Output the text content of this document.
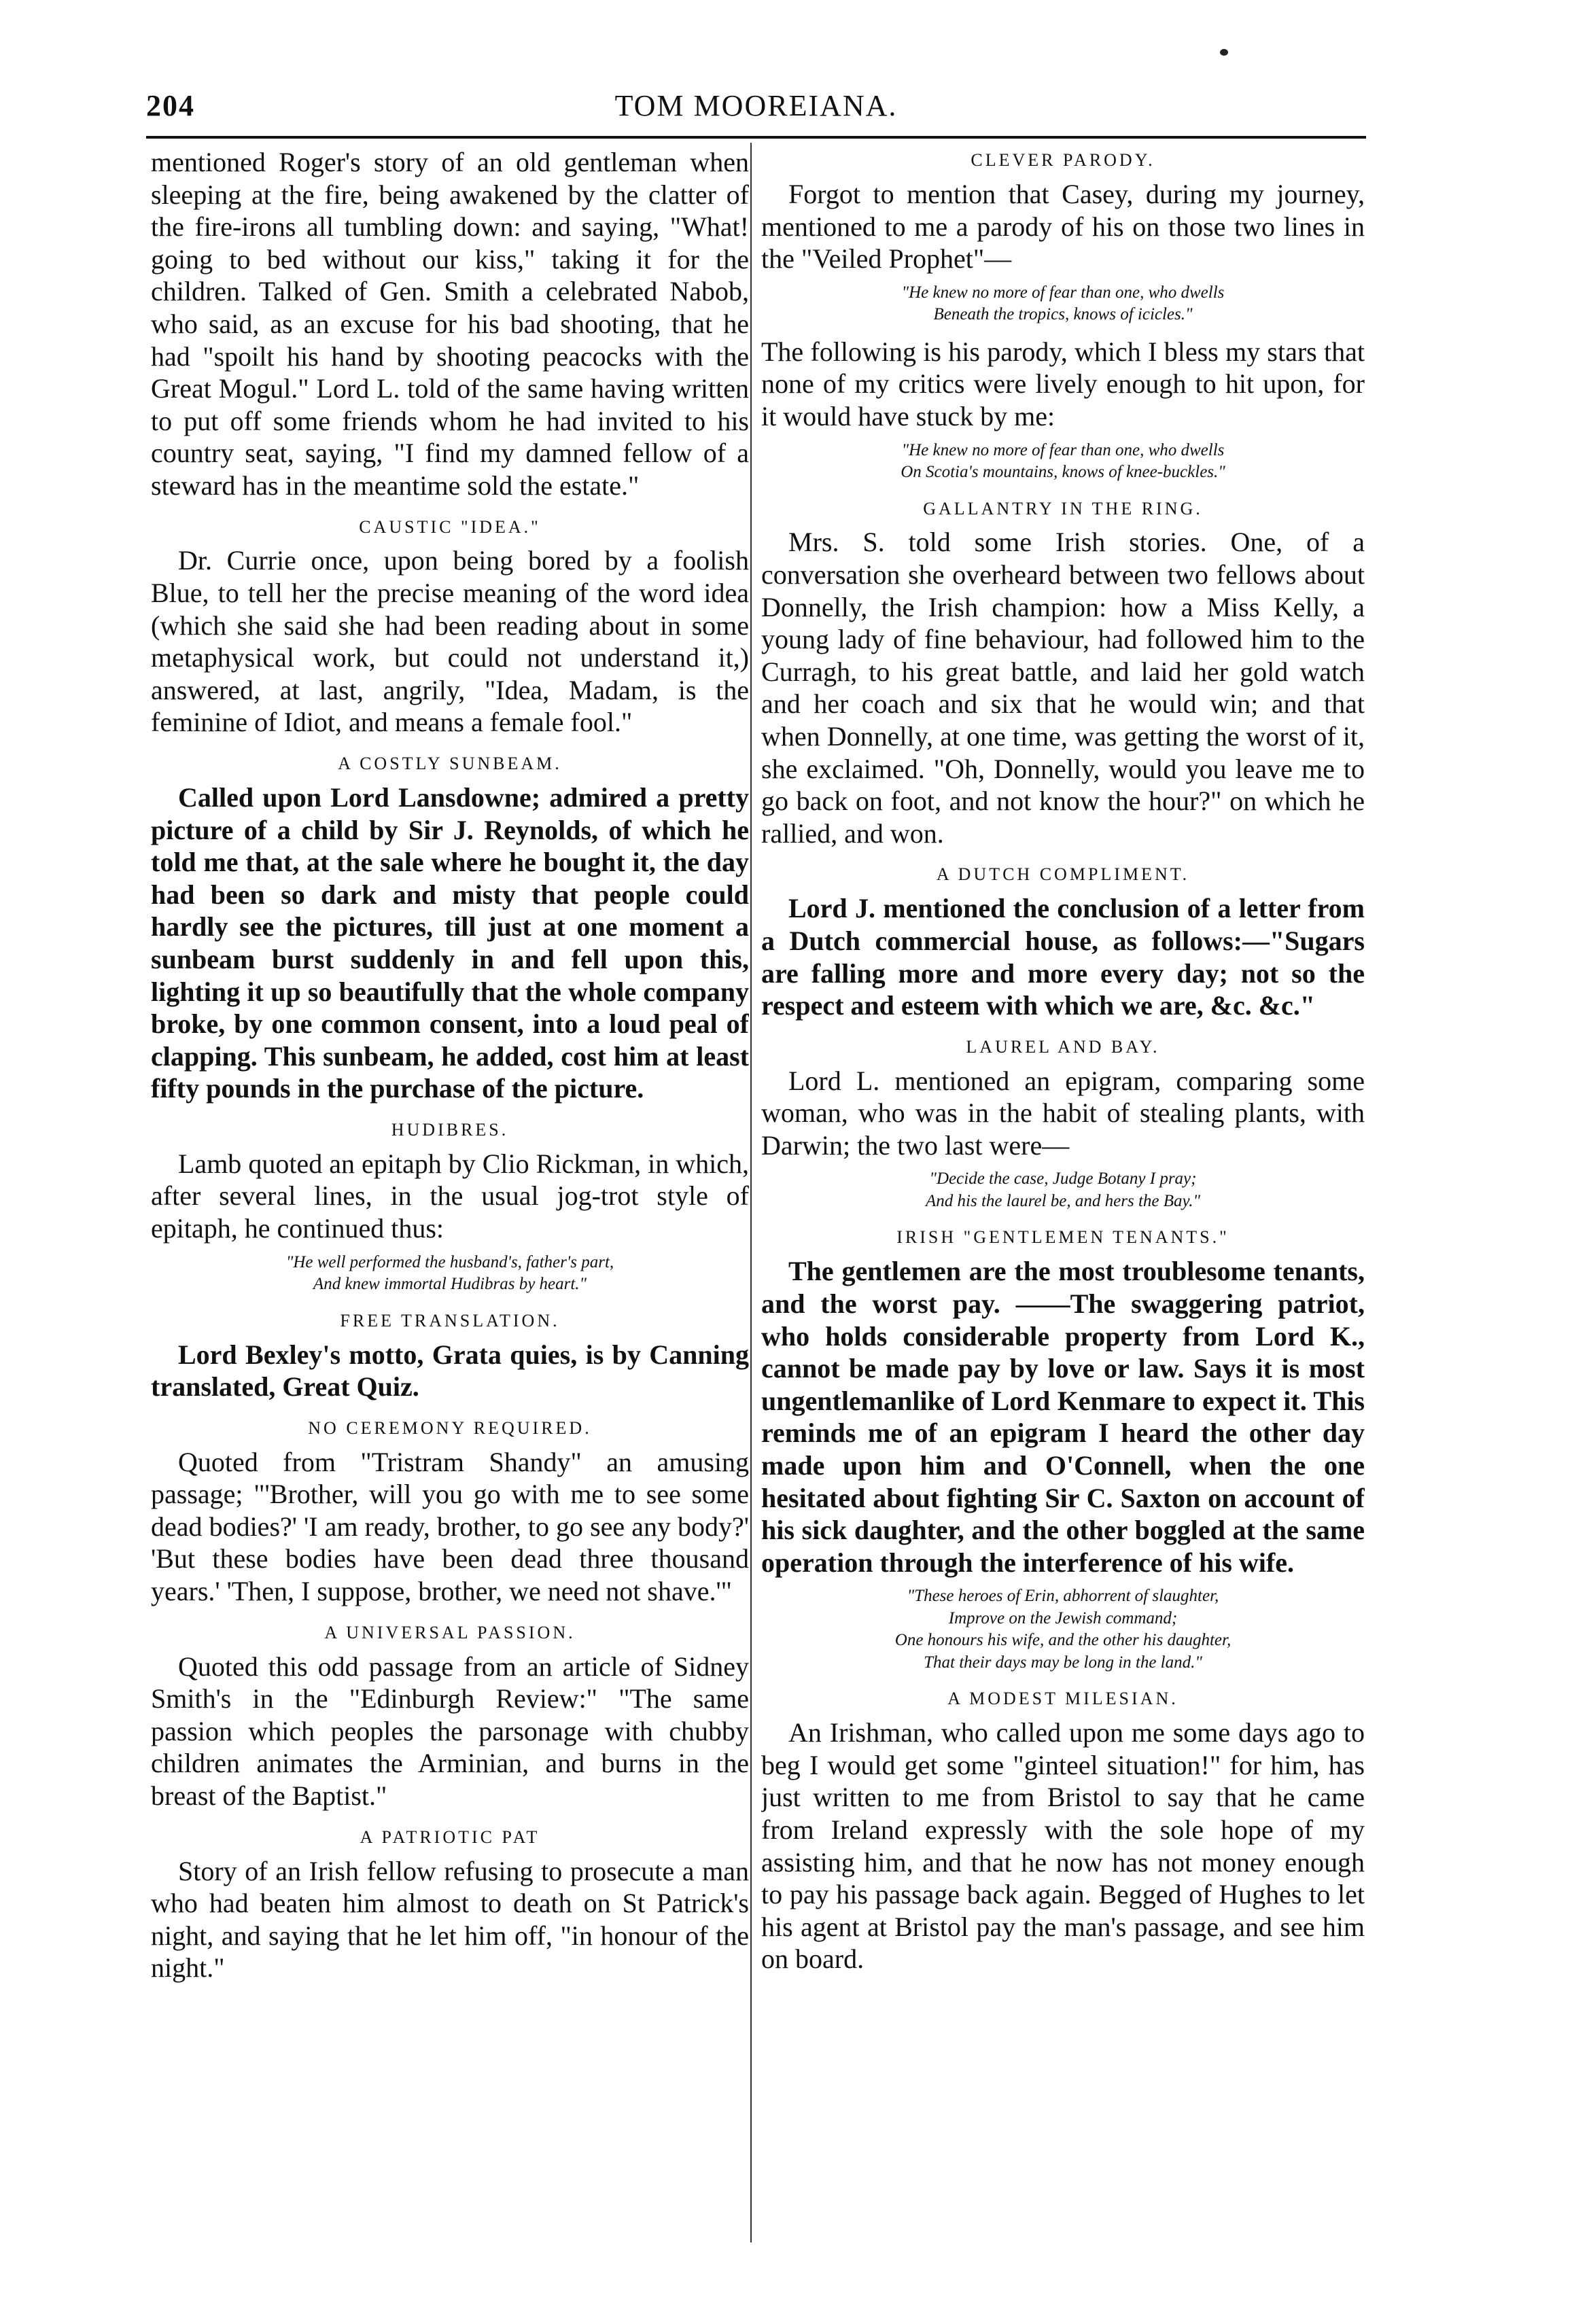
204	TOM MOOREIANA.

mentioned Roger's story of an old gentleman when sleeping at the fire, being awakened by the clatter of the fire-irons all tumbling down: and saying, "What! going to bed without our kiss," taking it for the children. Talked of Gen. Smith a celebrated Nabob, who said, as an excuse for his bad shooting, that he had "spoilt his hand by shooting peacocks with the Great Mogul." Lord L. told of the same having written to put off some friends whom he had invited to his country seat, saying, "I find my damned fellow of a steward has in the meantime sold the estate."

CAUSTIC "IDEA."

Dr. Currie once, upon being bored by a foolish Blue, to tell her the precise meaning of the word idea (which she said she had been reading about in some metaphysical work, but could not understand it,) answered, at last, angrily, "Idea, Madam, is the feminine of Idiot, and means a female fool."

A COSTLY SUNBEAM.

Called upon Lord Lansdowne; admired a pretty picture of a child by Sir J. Reynolds, of which he told me that, at the sale where he bought it, the day had been so dark and misty that people could hardly see the pictures, till just at one moment a sunbeam burst suddenly in and fell upon this, lighting it up so beautifully that the whole company broke, by one common consent, into a loud peal of clapping. This sunbeam, he added, cost him at least fifty pounds in the purchase of the picture.

HUDIBRES.

Lamb quoted an epitaph by Clio Rickman, in which, after several lines, in the usual jog-trot style of epitaph, he continued thus:

"He well performed the husband's, father's part,
And knew immortal Hudibras by heart."
FREE TRANSLATION.

Lord Bexley's motto, Grata quies, is by Canning translated, Great Quiz.

NO CEREMONY REQUIRED.

Quoted from "Tristram Shandy" an amusing passage; "'Brother, will you go with me to see some dead bodies?' 'I am ready, brother, to go see any body?' 'But these bodies have been dead three thousand years.' 'Then, I suppose, brother, we need not shave.'"

A UNIVERSAL PASSION.

Quoted this odd passage from an article of Sidney Smith's in the "Edinburgh Review:" "The same passion which peoples the parsonage with chubby children animates the Arminian, and burns in the breast of the Baptist."

A PATRIOTIC PAT

Story of an Irish fellow refusing to prosecute a man who had beaten him almost to death on St Patrick's night, and saying that he let him off, "in honour of the night."

CLEVER PARODY.

Forgot to mention that Casey, during my journey, mentioned to me a parody of his on those two lines in the "Veiled Prophet"—

"He knew no more of fear than one, who dwells
Beneath the tropics, knows of icicles."

The following is his parody, which I bless my stars that none of my critics were lively enough to hit upon, for it would have stuck by me:

"He knew no more of fear than one, who dwells
On Scotia's mountains, knows of knee-buckles."
GALLANTRY IN THE RING.

Mrs. S. told some Irish stories. One, of a conversation she overheard between two fellows about Donnelly, the Irish champion: how a Miss Kelly, a young lady of fine behaviour, had followed him to the Curragh, to his great battle, and laid her gold watch and her coach and six that he would win; and that when Donnelly, at one time, was getting the worst of it, she exclaimed. "Oh, Donnelly, would you leave me to go back on foot, and not know the hour?" on which he rallied, and won.

A DUTCH COMPLIMENT.

Lord J. mentioned the conclusion of a letter from a Dutch commercial house, as follows:—"Sugars are falling more and more every day; not so the respect and esteem with which we are, &c. &c."

LAUREL AND BAY.

Lord L. mentioned an epigram, comparing some woman, who was in the habit of stealing plants, with Darwin; the two last were—

"Decide the case, Judge Botany I pray;
And his the laurel be, and hers the Bay."
IRISH "GENTLEMEN TENANTS."

The gentlemen are the most troublesome tenants, and the worst pay. ——The swaggering patriot, who holds considerable property from Lord K., cannot be made pay by love or law. Says it is most ungentlemanlike of Lord Kenmare to expect it. This reminds me of an epigram I heard the other day made upon him and O'Connell, when the one hesitated about fighting Sir C. Saxton on account of his sick daughter, and the other boggled at the same operation through the interference of his wife.

"These heroes of Erin, abhorrent of slaughter,
Improve on the Jewish command;
One honours his wife, and the other his daughter,
That their days may be long in the land."
A MODEST MILESIAN.

An Irishman, who called upon me some days ago to beg I would get some "ginteel situation!" for him, has just written to me from Bristol to say that he came from Ireland expressly with the sole hope of my assisting him, and that he now has not money enough to pay his passage back again. Begged of Hughes to let his agent at Bristol pay the man's passage, and see him on board.
